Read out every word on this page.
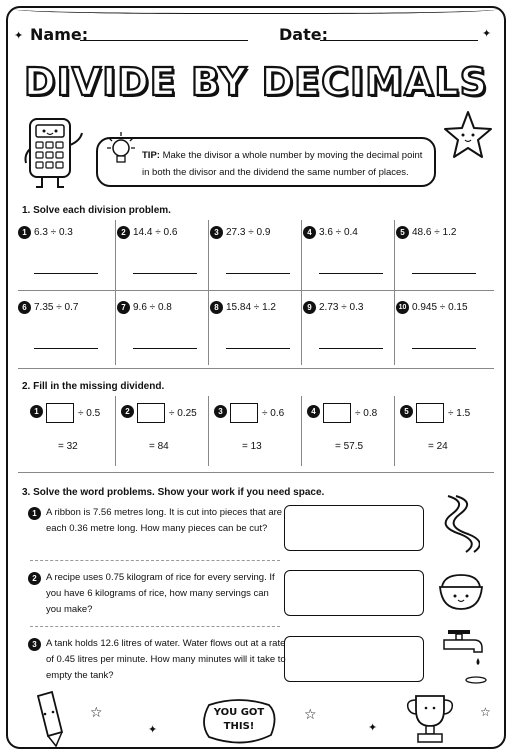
✦ Name:	Date:	✦
DIVIDE BY DECIMALS
TIP: Make the divisor a whole number by moving the decimal point in both the divisor and the dividend the same number of places.
1. Solve each division problem.
1 6.3 ÷ 0.3	2 14.4 ÷ 0.6	3 27.3 ÷ 0.9	4 3.6 ÷ 0.4	5 48.6 ÷ 1.2
6 7.35 ÷ 0.7	7 9.6 ÷ 0.8	8 15.84 ÷ 1.2	9 2.73 ÷ 0.3	10 0.945 ÷ 0.15
2. Fill in the missing dividend.
1	÷ 0.5
= 32
2	÷ 0.25
= 84
3	÷ 0.6
= 13
4	÷ 0.8
= 57.5
5	÷ 1.5
= 24
3. Solve the word problems. Show your work if you need space.
1 A ribbon is 7.56 metres long. It is cut into pieces that are each 0.36 metre long. How many pieces can be cut?
2 A recipe uses 0.75 kilogram of rice for every serving. If you have 6 kilograms of rice, how many servings can you make?
3 A tank holds 12.6 litres of water. Water flows out at a rate of 0.45 litres per minute. How many minutes will it take to empty the tank?
☆
✦
YOU GOT THIS!
☆
✦
☆
